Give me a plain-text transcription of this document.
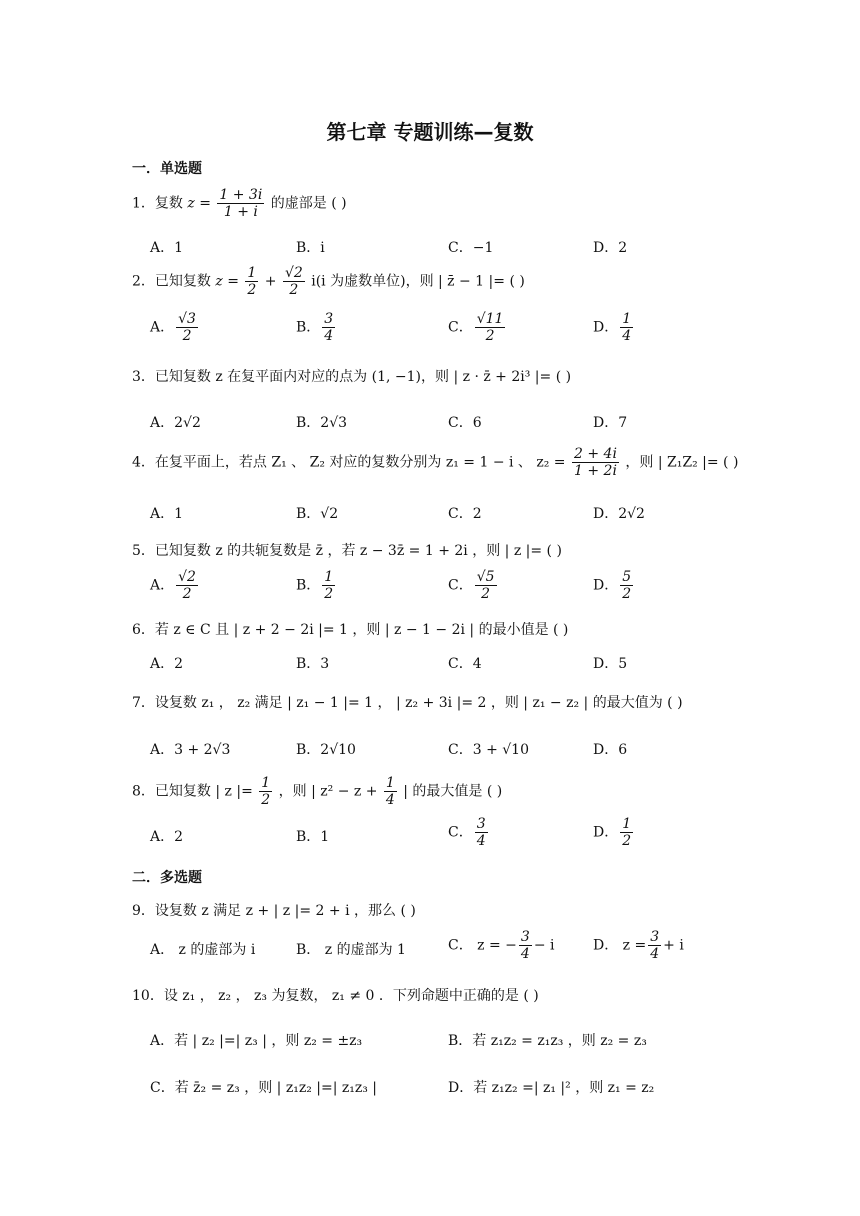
第七章 专题训练—复数
一．单选题
1．复数 $z = \frac{1 + 3i}{1 + i}$ 的虚部是 ( )
A．1	B．i	C．−1	D．2
2．已知复数 $z = \frac{1}{2} + \frac{√2}{2} i(i$ 为虚数单位)，则 | z̄ − 1 |= ( )
A． $\frac{√3}{2}$	B． $\frac{3}{4}$	C． $\frac{√11}{2}$	D． $\frac{1}{4}$
3．已知复数 z 在复平面内对应的点为 (1, −1)，则 | z · z̄ + 2i³ |= ( )
A．2√2	B．2√3	C．6	D．7
4．在复平面上，若点 Z₁ 、 Z₂ 对应的复数分别为 z₁ = 1 − i 、 $z_2 = \frac{2 + 4i}{1 + 2i}$ ，则 | Z₁Z₂ |= ( )
A．1	B．√2	C．2	D．2√2
5．已知复数 z 的共轭复数是 z̄ ，若 z − 3z̄ = 1 + 2i ，则 | z |= ( )
A． $\frac{√2}{2}$	B． $\frac{1}{2}$	C． $\frac{√5}{2}$	D． $\frac{5}{2}$
6．若 z ∈ C 且 | z + 2 − 2i |= 1 ，则 | z − 1 − 2i | 的最小值是 ( )
A．2	B．3	C．4	D．5
7．设复数 z₁ ， z₂ 满足 | z₁ − 1 |= 1 ， | z₂ + 3i |= 2 ，则 | z₁ − z₂ | 的最大值为 ( )
A．3 + 2√3	B．2√10	C．3 + √10	D．6
8．已知复数 | z |= $\frac{1}{2}$ ，则 | $z^2 - z + \frac{1}{4}$ | 的最大值是 ( )
A．2	B．1	C． $\frac{3}{4}$	D． $\frac{1}{2}$
二．多选题
9．设复数 z 满足 z + | z |= 2 + i ，那么 ( )
A． z 的虚部为 i	B． z 的虚部为 1	C． z = − $\frac{3}{4} - i$	D． $z = \frac{3}{4} + i$
10．设 z₁ ， z₂ ， z₃ 为复数， z₁ ≠ 0 ．下列命题中正确的是 ( )
A．若 | z₂ |=| z₃ | ，则 z₂ = ±z₃	B．若 z₁z₂ = z₁z₃ ，则 z₂ = z₃
C．若 z̄₂ = z₃ ，则 | z₁z₂ |=| z₁z₃ |	D．若 z₁z₂ =| z₁ |² ，则 z₁ = z₂
